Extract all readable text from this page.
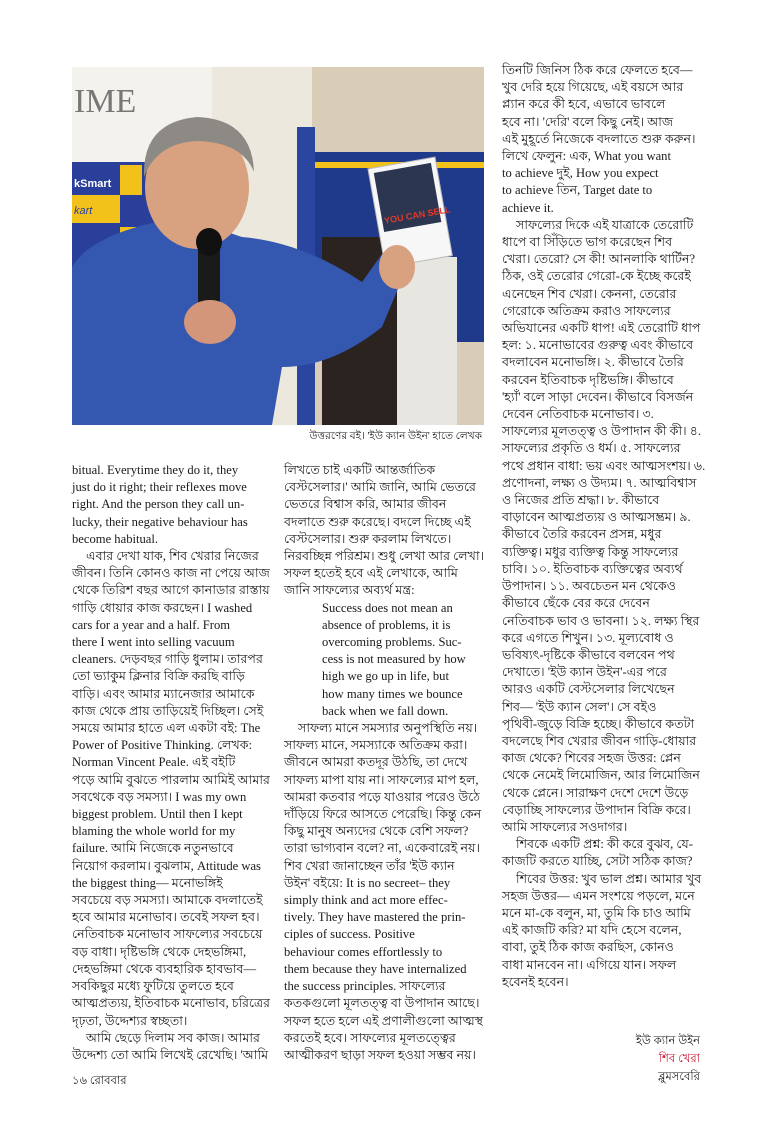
IME
kSmart
kart	YOU CAN SELL
উত্তরণের বই। 'ইউ ক্যান উইন' হাতে লেখক
bitual. Everytime they do it, they
just do it right; their reflexes move
right. And the person they call un-
lucky, their negative behaviour has
become habitual.
এবার দেখা যাক, শিব খেরার নিজের
জীবন। তিনি কোনও কাজ না পেয়ে আজ
থেকে তিরিশ বছর আগে কানাডার রাস্তায়
গাড়ি ধোয়ার কাজ করছেন। I washed
cars for a year and a half. From
there I went into selling vacuum
cleaners. দেড়বছর গাড়ি ধুলাম। তারপর
তো ভ্যাকুম ক্লিনার বিক্রি করছি বাড়ি
বাড়ি। এবং আমার ম্যানেজার আমাকে
কাজ থেকে প্রায় তাড়িয়েই দিচ্ছিল। সেই
সময়ে আমার হাতে এল একটা বই: The
Power of Positive Thinking. লেখক:
Norman Vincent Peale. এই বইটি
পড়ে আমি বুঝতে পারলাম আমিই আমার
সবথেকে বড় সমস্যা। I was my own
biggest problem. Until then I kept
blaming the whole world for my
failure. আমি নিজেকে নতুনভাবে
নিয়োগ করলাম। বুঝলাম, Attitude was
the biggest thing— মনোভঙ্গিই
সবচেয়ে বড় সমস্যা। আমাকে বদলাতেই
হবে আমার মনোভাব। তবেই সফল হব।
নেতিবাচক মনোভাব সাফল্যের সবচেয়ে
বড় বাধা। দৃষ্টিভঙ্গি থেকে দেহভঙ্গিমা,
দেহভঙ্গিমা থেকে ব্যবহারিক হাবভাব—
সবকিছুর মধ্যে ফুটিয়ে তুলতে হবে
আত্মপ্রত্যয়, ইতিবাচক মনোভাব, চরিত্রের
দৃঢ়তা, উদ্দেশ্যর স্বচ্ছতা।
আমি ছেড়ে দিলাম সব কাজ। আমার
উদ্দেশ্য তো আমি লিখেই রেখেছি। 'আমি
লিখতে চাই একটি আন্তর্জাতিক
বেস্টসেলার।' আমি জানি, আমি ভেতরে
ভেতরে বিশ্বাস করি, আমার জীবন
বদলাতে শুরু করেছে। বদলে দিচ্ছে এই
বেস্টসেলার। শুরু করলাম লিখতে।
নিরবচ্ছিন্ন পরিশ্রম। শুধু লেখা আর লেখা।
সফল হতেই হবে এই লেখাকে, আমি
জানি সাফল্যের অব্যর্থ মন্ত্র:
Success does not mean an
absence of problems, it is
overcoming problems. Suc-
cess is not measured by how
high we go up in life, but
how many times we bounce
back when we fall down.
সাফল্য মানে সমস্যার অনুপস্থিতি নয়।
সাফল্য মানে, সমস্যাকে অতিক্রম করা।
জীবনে আমরা কতদূর উঠছি, তা দেখে
সাফল্য মাপা যায় না। সাফল্যের মাপ হল,
আমরা কতবার পড়ে যাওয়ার পরেও উঠে
দাঁড়িয়ে ফিরে আসতে পেরেছি। কিন্তু কেন
কিছু মানুষ অন্যদের থেকে বেশি সফল?
তারা ভাগ্যবান বলে? না, একেবারেই নয়।
শিব খেরা জানাচ্ছেন তাঁর 'ইউ ক্যান
উইন' বইয়ে: It is no secreet– they
simply think and act more effec-
tively. They have mastered the prin-
ciples of success. Positive
behaviour comes effortlessly to
them because they have internalized
the success principles. সাফল্যের
কতকগুলো মূলতত্ত্ব বা উপাদান আছে।
সফল হতে হলে এই প্রণালীগুলো আত্মস্থ
করতেই হবে। সাফল্যের মূলতত্ত্বের
আত্মীকরণ ছাড়া সফল হওয়া সম্ভব নয়।
তিনটি জিনিস ঠিক করে ফেলতে হবে—
খুব দেরি হয়ে গিয়েছে, এই বয়সে আর
প্ল্যান করে কী হবে, এভাবে ভাবলে
হবে না। 'দেরি' বলে কিছু নেই। আজ
এই মুহূর্তে নিজেকে বদলাতে শুরু করুন।
লিখে ফেলুন: এক, What you want
to achieve দুই, How you expect
to achieve তিন, Target date to
achieve it.
সাফল্যের দিকে এই যাত্রাকে তেরোটি
ধাপে বা সিঁড়িতে ভাগ করেছেন শিব
খেরা। তেরো? সে কী! আনলাকি থার্টিন?
ঠিক, ওই তেরোর গেরো-কে ইচ্ছে করেই
এনেছেন শিব খেরা। কেননা, তেরোর
গেরোকে অতিক্রম করাও সাফল্যের
অভিযানের একটি ধাপ! এই তেরোটি ধাপ
হল: ১. মনোভাবের গুরুত্ব এবং কীভাবে
বদলাবেন মনোভঙ্গি। ২. কীভাবে তৈরি
করবেন ইতিবাচক দৃষ্টিভঙ্গি। কীভাবে
'হ্যাঁ' বলে সাড়া দেবেন। কীভাবে বিসর্জন
দেবেন নেতিবাচক মনোভাব। ৩.
সাফল্যের মূলতত্ত্ব ও উপাদান কী কী। ৪.
সাফল্যের প্রকৃতি ও ধর্ম। ৫. সাফল্যের
পথে প্রধান বাধা: ভয় এবং আত্মসংশয়। ৬.
প্রণোদনা, লক্ষ্য ও উদ্যম। ৭. আত্মবিশ্বাস
ও নিজের প্রতি শ্রদ্ধা। ৮. কীভাবে
বাড়াবেন আত্মপ্রত্যয় ও আত্মসম্ভ্রম। ৯.
কীভাবে তৈরি করবেন প্রসন্ন, মধুর
ব্যক্তিত্ব। মধুর ব্যক্তিত্ব কিন্তু সাফল্যের
চাবি। ১০. ইতিবাচক ব্যক্তিত্বের অব্যর্থ
উপাদান। ১১. অবচেতন মন থেকেও
কীভাবে ছেঁকে বের করে দেবেন
নেতিবাচক ভাব ও ভাবনা। ১২. লক্ষ্য স্থির
করে এগতে শিখুন। ১৩. মূল্যবোধ ও
ভবিষ্যৎ-দৃষ্টিকে কীভাবে বলবেন পথ
দেখাতে। 'ইউ ক্যান উইন'-এর পরে
আরও একটি বেস্টসেলার লিখেছেন
শিব— 'ইউ ক্যান সেল'। সে বইও
পৃথিবী-জুড়ে বিক্রি হচ্ছে। কীভাবে কতটা
বদলেছে শিব খেরার জীবন গাড়ি-ধোয়ার
কাজ থেকে? শিবের সহজ উত্তর: প্লেন
থেকে নেমেই লিমোজিন, আর লিমোজিন
থেকে প্লেনে। সারাক্ষণ দেশে দেশে উড়ে
বেড়াচ্ছি সাফল্যের উপাদান বিক্রি করে।
আমি সাফল্যের সওদাগর।
শিবকে একটি প্রশ্ন: কী করে বুঝব, যে-
কাজটি করতে যাচ্ছি, সেটা সঠিক কাজ?
শিবের উত্তর: খুব ভাল প্রশ্ন। আমার খুব
সহজ উত্তর— এমন সংশয়ে পড়লে, মনে
মনে মা-কে বলুন, মা, তুমি কি চাও আমি
এই কাজটি করি? মা যদি হেসে বলেন,
বাবা, তুই ঠিক কাজ করছিস, কোনও
বাধা মানবেন না। এগিয়ে যান। সফল
হবেনই হবেন।
ইউ ক্যান উইন
শিব খেরা
ব্লুমসবেরি
১৬ রোববার
